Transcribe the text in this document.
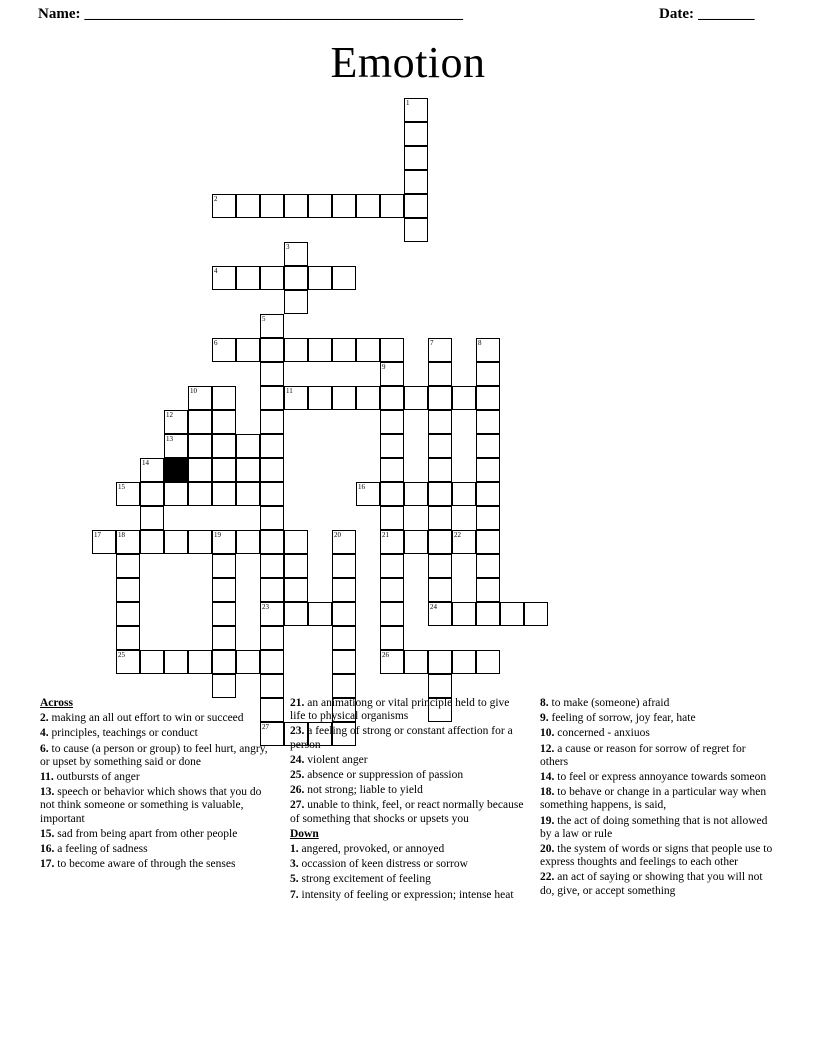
Name: ______________________________________________________	Date: ________
Emotion
1
2
3
4
5
6	7	8
9
10	11
12
13
14
15	16
17 18	19	20	21	22
23	24
25	26
27
Across
2. making an all out effort to win or succeed
4. principles, teachings or conduct
6. to cause (a person or group) to feel hurt, angry, or upset by something said or done
11. outbursts of anger
13. speech or behavior which shows that you do not think someone or something is valuable, important
15. sad from being apart from other people
16. a feeling of sadness
17. to become aware of through the senses
21. an animationg or vital principle held to give life to physical organisms
23. a feeling of strong or constant affection for a person
24. violent anger
25. absence or suppression of passion
26. not strong; liable to yield
27. unable to think, feel, or react normally because of something that shocks or upsets you
Down
1. angered, provoked, or annoyed
3. occassion of keen distress or sorrow
5. strong excitement of feeling
7. intensity of feeling or expression; intense heat
8. to make (someone) afraid
9. feeling of sorrow, joy fear, hate
10. concerned - anxiuos
12. a cause or reason for sorrow of regret for others
14. to feel or express annoyance towards someon
18. to behave or change in a particular way when something happens, is said,
19. the act of doing something that is not allowed by a law or rule
20. the system of words or signs that people use to express thoughts and feelings to each other
22. an act of saying or showing that you will not do, give, or accept something
